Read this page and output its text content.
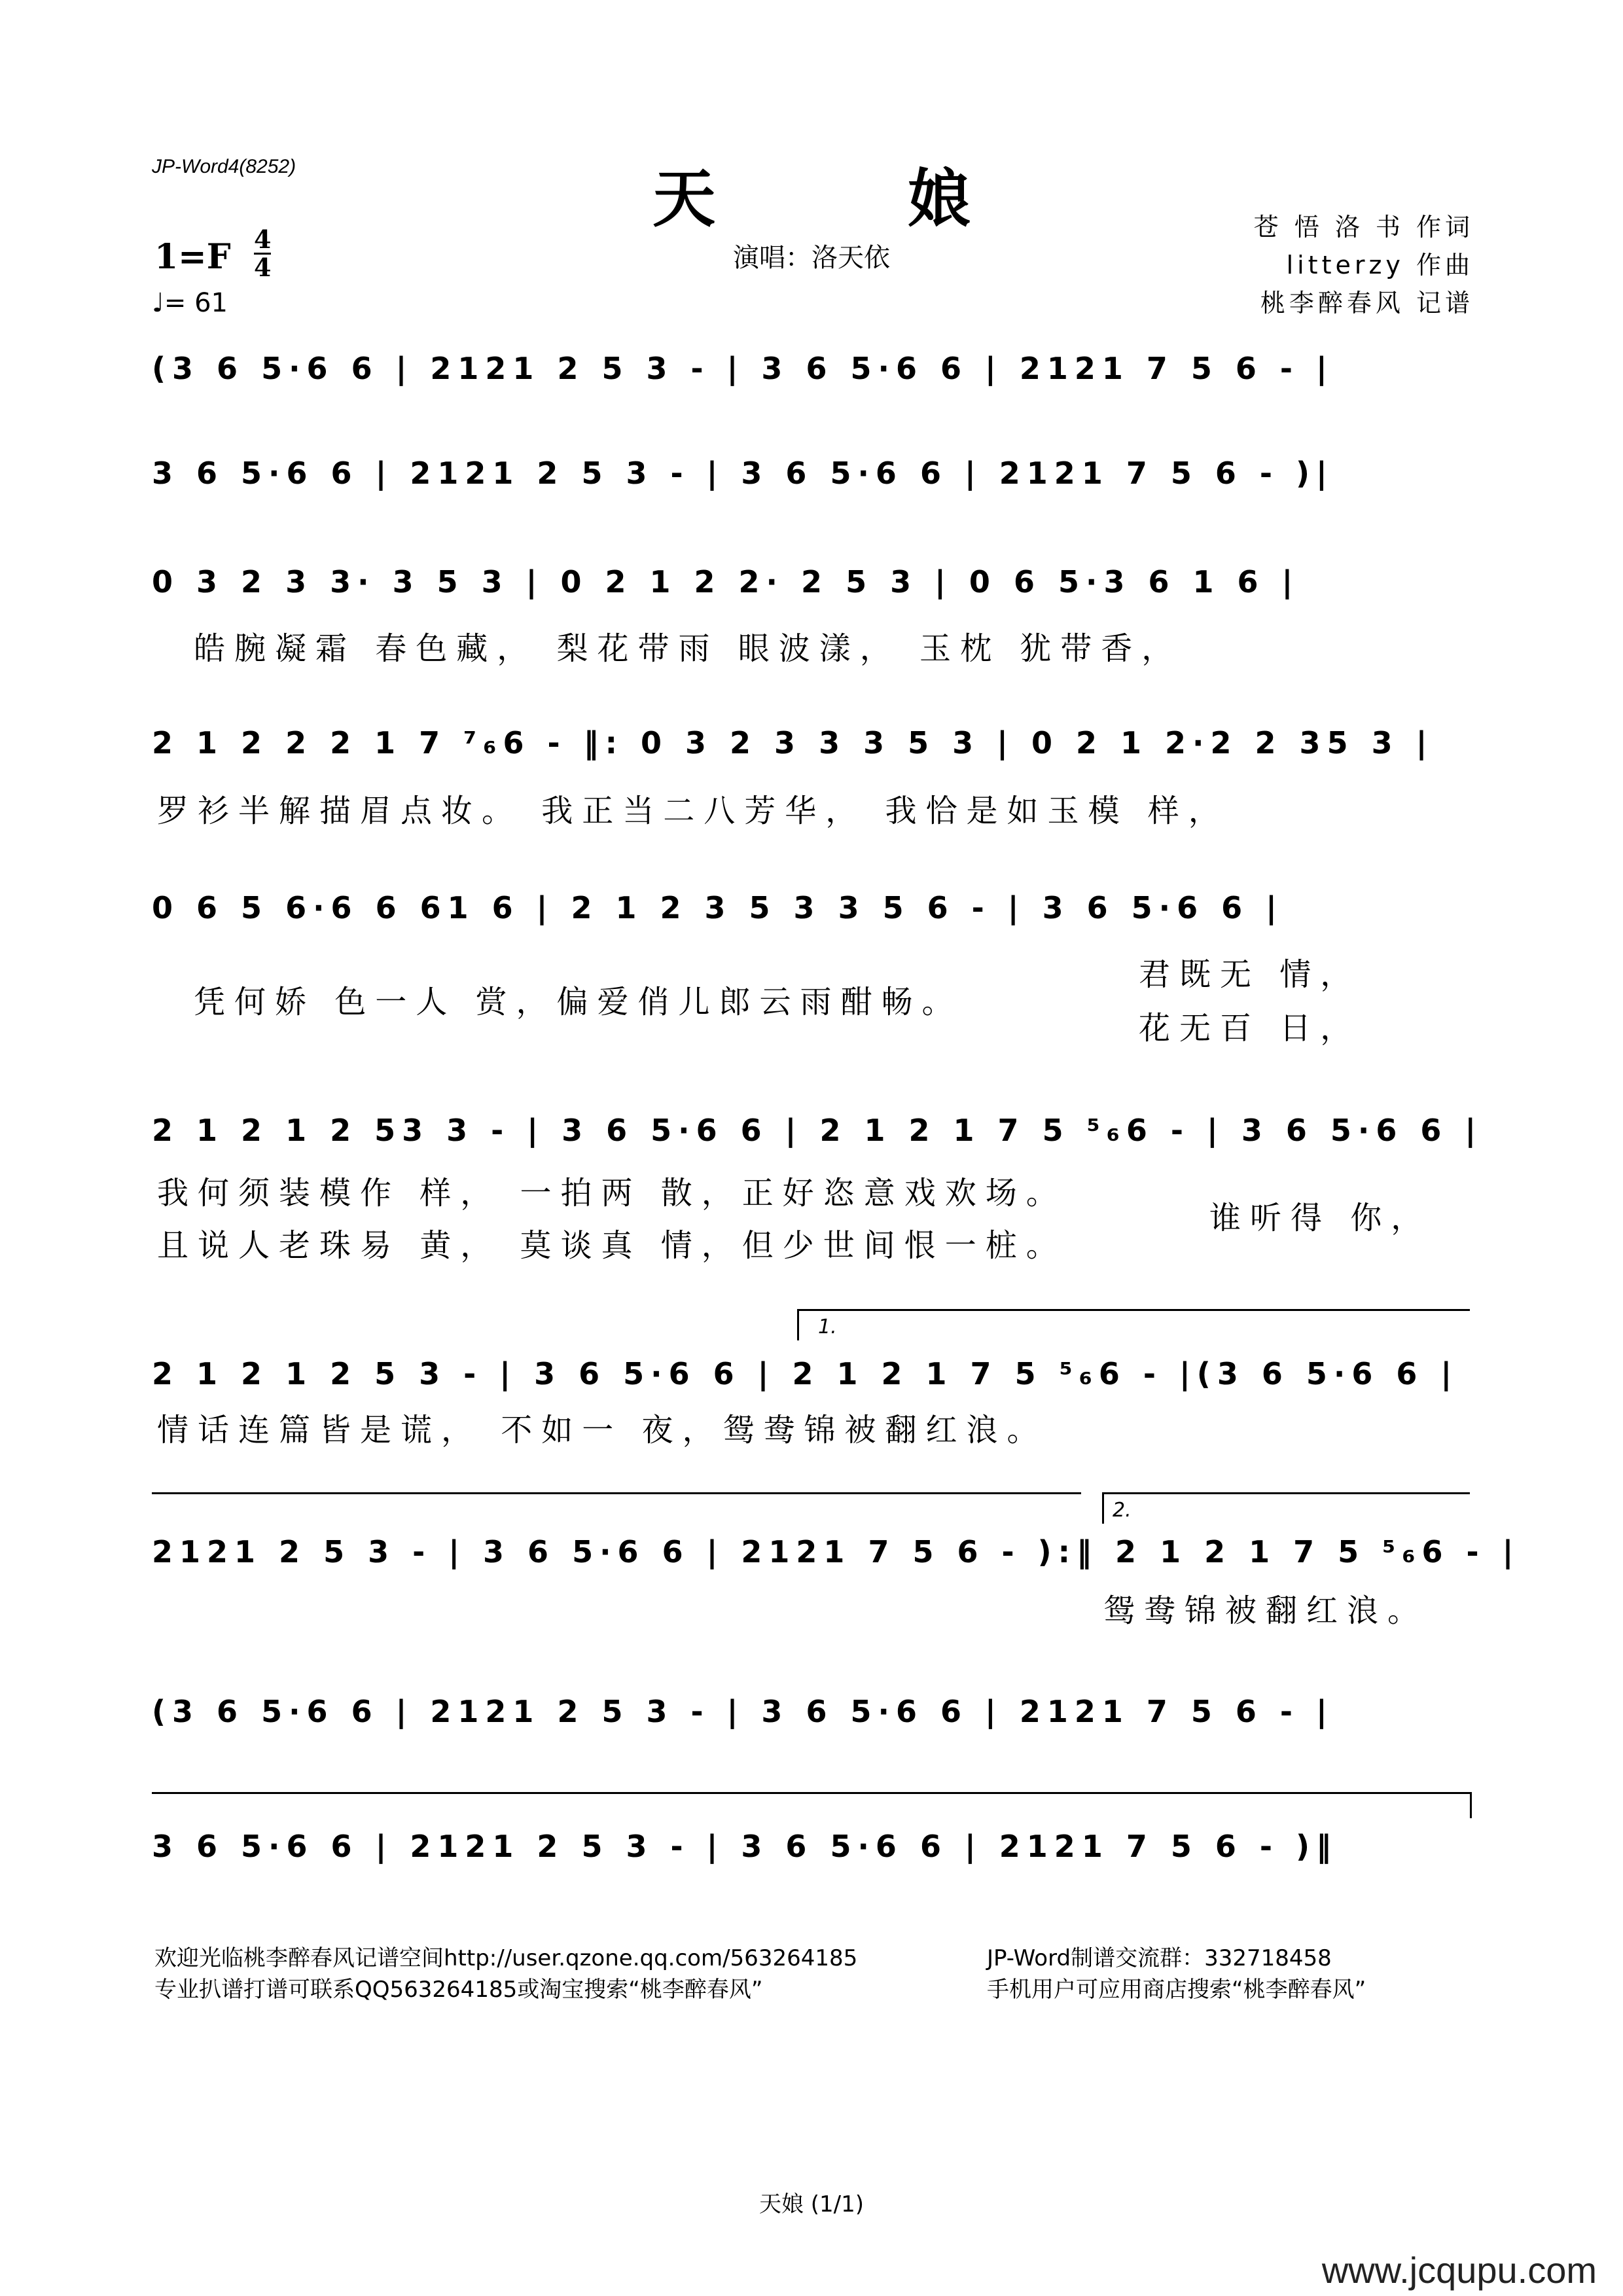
JP-Word4(8252)	天 娘
演唱：洛天依
1=F 4
4
♩= 61
苍 悟 洛 书 作词
litterzy 作曲
桃李醉春风 记谱
(3 6 5·6 6 | 2121 2 5 3 - | 3 6 5·6 6 | 2121 7 5 6 - |
3 6 5·6 6 | 2121 2 5 3 - | 3 6 5·6 6 | 2121 7 5 6 - )|
0 3 2 3 3· 3 5 3 | 0 2 1 2 2· 2 5 3 | 0 6 5·3 6 1 6 |
皓腕凝霜 春色藏， 梨花带雨 眼波漾， 玉枕 犹带香，
2 1 2 2 2 1 7 ⁷₆6 - ‖: 0 3 2 3 3 3 5 3 | 0 2 1 2·2 2 35 3 |
罗衫半解描眉点妆。 我正当二八芳华， 我恰是如玉模 样，
0 6 5 6·6 6 61 6 | 2 1 2 3 5 3 3 5 6 - | 3 6 5·6 6 |
凭何娇 色一人 赏，偏爱俏儿郎云雨酣畅。
君既无 情，
花无百 日，
2 1 2 1 2 53 3 - | 3 6 5·6 6 | 2 1 2 1 7 5 ⁵₆6 - | 3 6 5·6 6 |
我何须装模作 样， 一拍两 散，正好恣意戏欢场。
且说人老珠易 黄， 莫谈真 情，但少世间恨一桩。
谁听得 你，
1.
2 1 2 1 2 5 3 - | 3 6 5·6 6 | 2 1 2 1 7 5 ⁵₆6 - |(3 6 5·6 6 |
情话连篇皆是谎， 不如一 夜，鸳鸯锦被翻红浪。
2.
2121 2 5 3 - | 3 6 5·6 6 | 2121 7 5 6 - ):‖ 2 1 2 1 7 5 ⁵₆6 - |
鸳鸯锦被翻红浪。
(3 6 5·6 6 | 2121 2 5 3 - | 3 6 5·6 6 | 2121 7 5 6 - |
3 6 5·6 6 | 2121 2 5 3 - | 3 6 5·6 6 | 2121 7 5 6 - )‖
欢迎光临桃李醉春风记谱空间http://user.qzone.qq.com/563264185
专业扒谱打谱可联系QQ563264185或淘宝搜索“桃李醉春风”
JP-Word制谱交流群：332718458
手机用户可应用商店搜索“桃李醉春风”
天娘 (1/1)
www.jcqupu.com
